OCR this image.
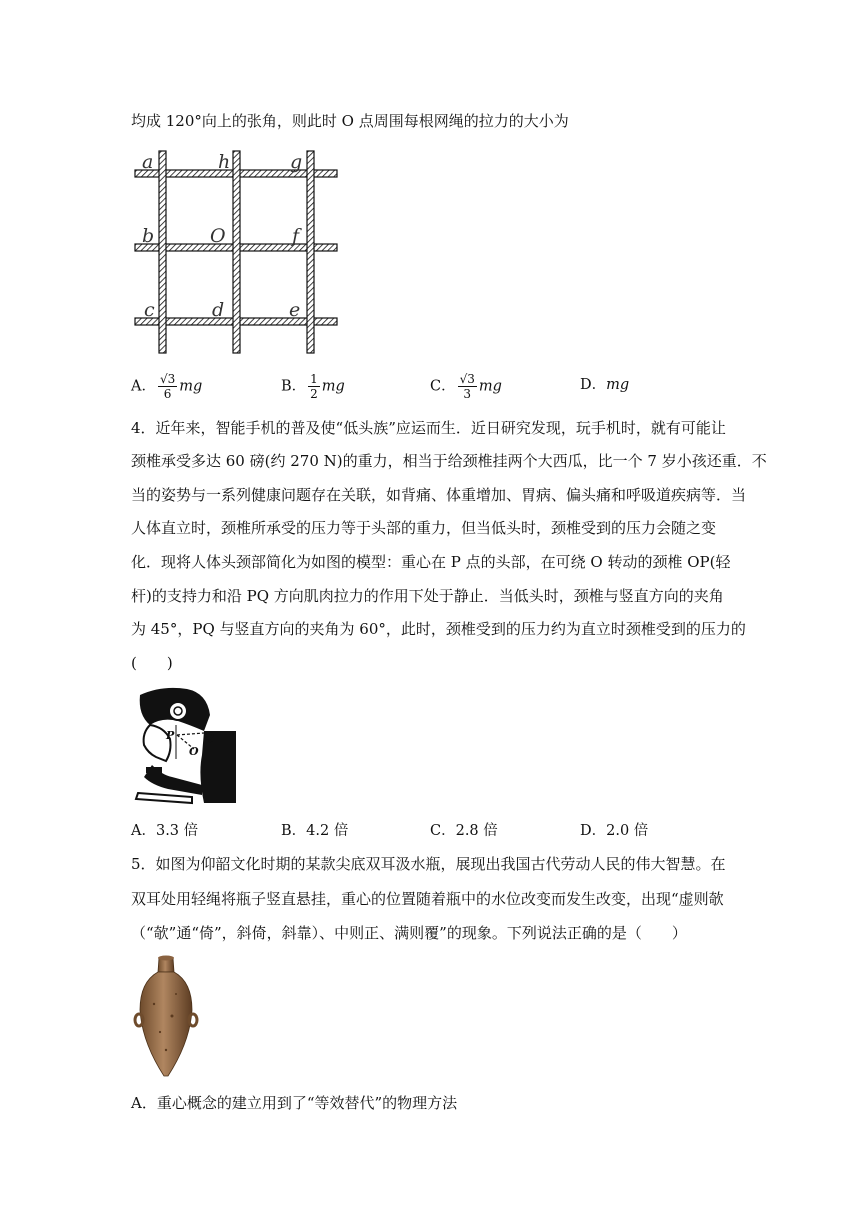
均成 120°向上的张角，则此时 O 点周围每根网绳的拉力的大小为
a	h	g
b	O	f
c	d	e
A． $\frac{√3}{6}$ mg	B． $\frac{1}{2}$ mg	C． $\frac{√3}{3}$ mg	D．mg
4．近年来，智能手机的普及使“低头族”应运而生．近日研究发现，玩手机时，就有可能让
颈椎承受多达 60 磅(约 270 N)的重力，相当于给颈椎挂两个大西瓜，比一个 7 岁小孩还重．不
当的姿势与一系列健康问题存在关联，如背痛、体重增加、胃病、偏头痛和呼吸道疾病等．当
人体直立时，颈椎所承受的压力等于头部的重力，但当低头时，颈椎受到的压力会随之变
化．现将人体头颈部简化为如图的模型：重心在 P 点的头部，在可绕 O 转动的颈椎 OP(轻
杆)的支持力和沿 PQ 方向肌肉拉力的作用下处于静止．当低头时，颈椎与竖直方向的夹角
为 45°，PQ 与竖直方向的夹角为 60°，此时，颈椎受到的压力约为直立时颈椎受到的压力的
(　　)
P	Q
O
A．3.3 倍	B．4.2 倍	C．2.8 倍	D．2.0 倍
5．如图为仰韶文化时期的某款尖底双耳汲水瓶，展现出我国古代劳动人民的伟大智慧。在
双耳处用轻绳将瓶子竖直悬挂，重心的位置随着瓶中的水位改变而发生改变，出现“虚则欹
（“欹”通“倚”，斜倚，斜靠）、中则正、满则覆”的现象。下列说法正确的是（　　）
A．重心概念的建立用到了“等效替代”的物理方法
